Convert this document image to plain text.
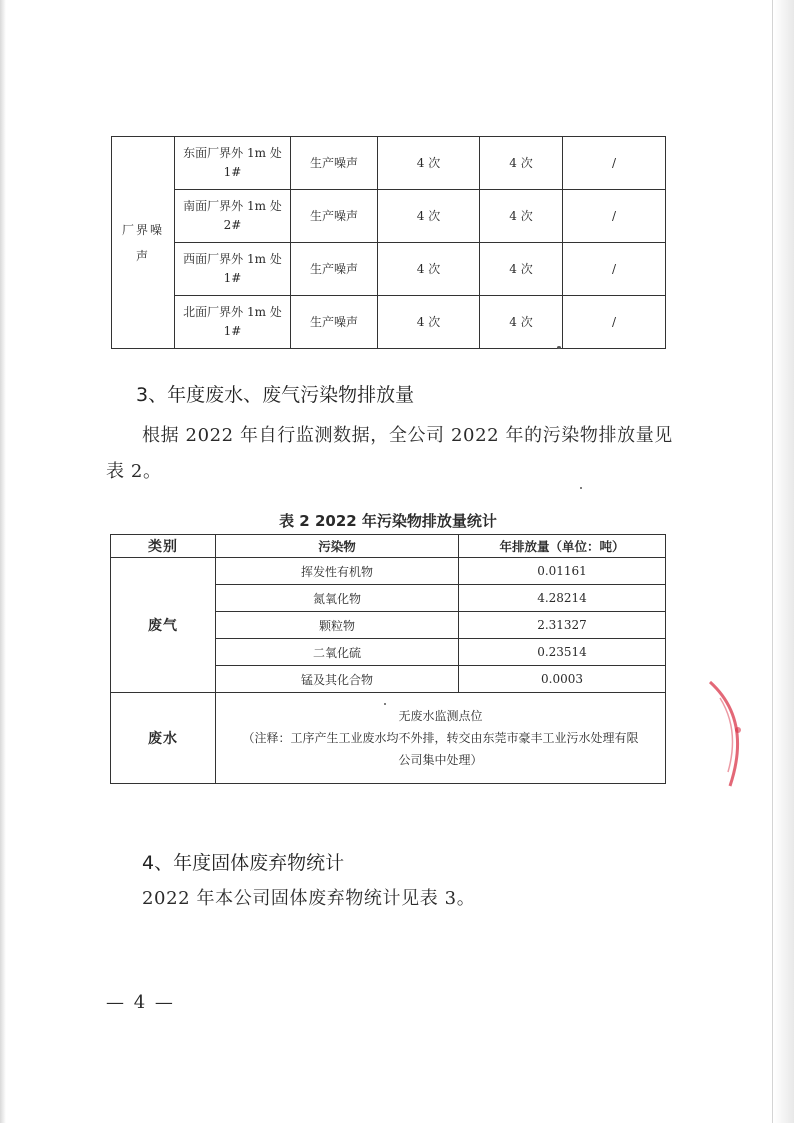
厂界噪声	东面厂界外 1m 处 1#	生产噪声	4 次	4 次	/
	南面厂界外 1m 处 2#	生产噪声	4 次	4 次	/
	西面厂界外 1m 处 1#	生产噪声	4 次	4 次	/
	北面厂界外 1m 处 1#	生产噪声	4 次	4 次	/
3、年度废水、废气污染物排放量
根据 2022 年自行监测数据，全公司 2022 年的污染物排放量见表 2。
表 2 2022 年污染物排放量统计
类别	污染物	年排放量（单位：吨）
废气	挥发性有机物	0.01161
	氮氧化物	4.28214
	颗粒物	2.31327
	二氧化硫	0.23514
	锰及其化合物	0.0003
废水	无废水监测点位
（注释：工序产生工业废水均不外排，转交由东莞市豪丰工业污水处理有限
公司集中处理）	
4、年度固体废弃物统计
2022 年本公司固体废弃物统计见表 3。
— 4 —
